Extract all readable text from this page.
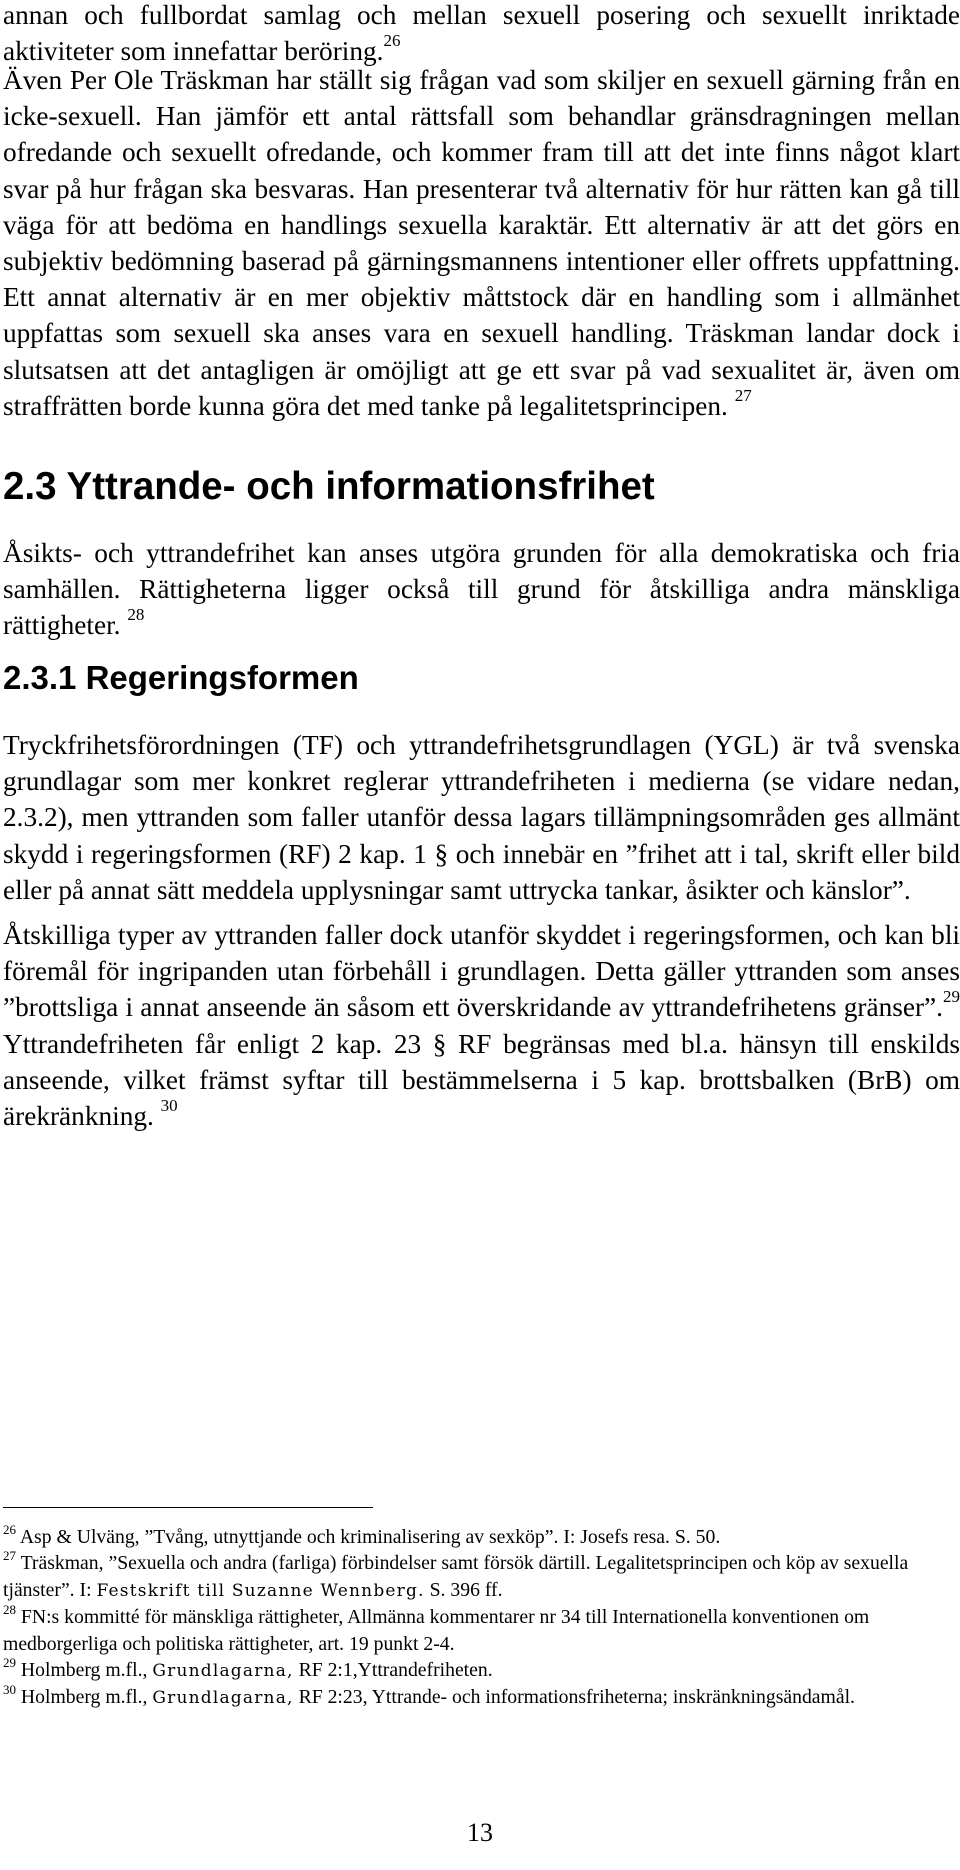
annan och fullbordat samlag och mellan sexuell posering och sexuellt inriktade aktiviteter som innefattar beröring.$^{26}$

Även Per Ole Träskman har ställt sig frågan vad som skiljer en sexuell gärning från en icke-sexuell. Han jämför ett antal rättsfall som behandlar gränsdragningen mellan ofredande och sexuellt ofredande, och kommer fram till att det inte finns något klart svar på hur frågan ska besvaras. Han presenterar två alternativ för hur rätten kan gå till väga för att bedöma en handlings sexuella karaktär. Ett alternativ är att det görs en subjektiv bedömning baserad på gärningsmannens intentioner eller offrets uppfattning. Ett annat alternativ är en mer objektiv måttstock där en handling som i allmänhet uppfattas som sexuell ska anses vara en sexuell handling. Träskman landar dock i slutsatsen att det antagligen är omöjligt att ge ett svar på vad sexualitet är, även om straffrätten borde kunna göra det med tanke på legalitetsprincipen. $^{27}$

2.3 Yttrande- och informationsfrihet

Åsikts- och yttrandefrihet kan anses utgöra grunden för alla demokratiska och fria samhällen. Rättigheterna ligger också till grund för åtskilliga andra mänskliga rättigheter. $^{28}$

2.3.1 Regeringsformen

Tryckfrihetsförordningen (TF) och yttrandefrihetsgrundlagen (YGL) är två svenska grundlagar som mer konkret reglerar yttrandefriheten i medierna (se vidare nedan, 2.3.2), men yttranden som faller utanför dessa lagars tillämpningsområden ges allmänt skydd i regeringsformen (RF) 2 kap. 1 § och innebär en ”frihet att i tal, skrift eller bild eller på annat sätt meddela upplysningar samt uttrycka tankar, åsikter och känslor”.

Åtskilliga typer av yttranden faller dock utanför skyddet i regeringsformen, och kan bli föremål för ingripanden utan förbehåll i grundlagen. Detta gäller yttranden som anses ”brottsliga i annat anseende än såsom ett överskridande av yttrandefrihetens gränser”.$^{29}$ Yttrandefriheten får enligt 2 kap. 23 § RF begränsas med bl.a. hänsyn till enskilds anseende, vilket främst syftar till bestämmelserna i 5 kap. brottsbalken (BrB) om ärekränkning. $^{30}$

$^{26}$ Asp & Ulväng, ”Tvång, utnyttjande och kriminalisering av sexköp”. I: Josefs resa. S. 50.

$^{27}$ Träskman, ”Sexuella och andra (farliga) förbindelser samt försök därtill. Legalitetsprincipen och köp av sexuella tjänster”. I: Festskrift till Suzanne Wennberg. S. 396 ff.

$^{28}$ FN:s kommitté för mänskliga rättigheter, Allmänna kommentarer nr 34 till Internationella konventionen om medborgerliga och politiska rättigheter, art. 19 punkt 2-4.

$^{29}$ Holmberg m.fl., Grundlagarna, RF 2:1,Yttrandefriheten.

$^{30}$ Holmberg m.fl., Grundlagarna, RF 2:23, Yttrande- och informationsfriheterna; inskränkningsändamål.

13
